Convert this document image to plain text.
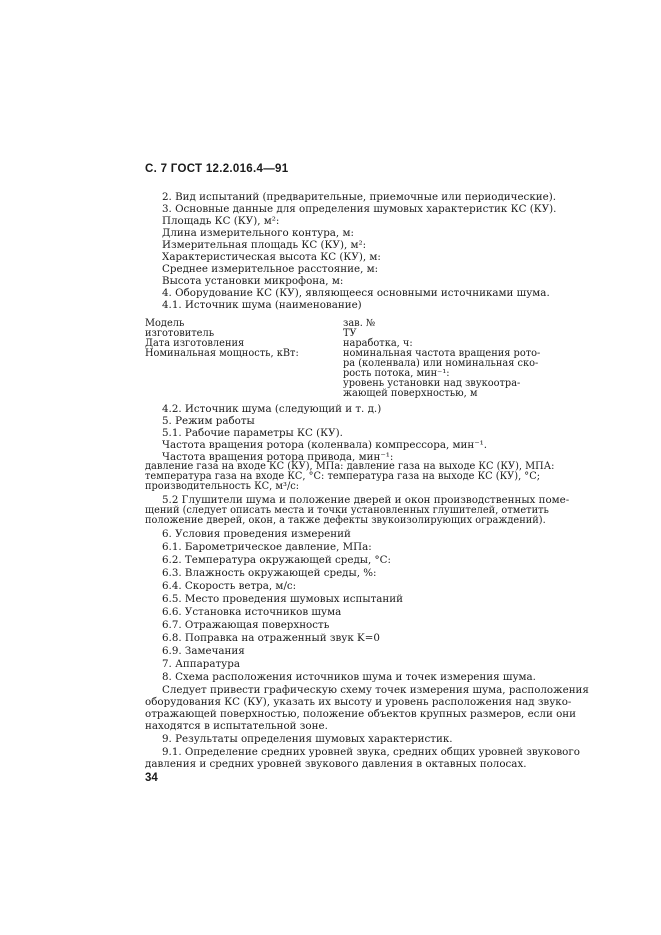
С. 7 ГОСТ 12.2.016.4—91
2. Вид испытаний (предварительные, приемочные или периодические).
3. Основные данные для определения шумовых характеристик КС (КУ).
Площадь КС (КУ), м²:
Длина измерительного контура, м:
Измерительная площадь КС (КУ), м²:
Характеристическая высота КС (КУ), м:
Среднее измерительное расстояние, м:
Высота установки микрофона, м:
4. Оборудование КС (КУ), являющееся основными источниками шума.
4.1. Источник шума (наименование)
Модель
изготовитель
Дата изготовления
Номинальная мощность, кВт:
зав. №
ТУ
наработка, ч:
номинальная частота вращения рото-
ра (коленвала) или номинальная ско-
рость потока, мин⁻¹:
уровень установки над звукоотра-
жающей поверхностью, м
4.2. Источник шума (следующий и т. д.)
5. Режим работы
5.1. Рабочие параметры КС (КУ).
Частота вращения ротора (коленвала) компрессора, мин⁻¹.
Частота вращения ротора привода, мин⁻¹:
давление газа на входе КС (КУ), МПа: давление газа на выходе КС (КУ), МПА:
температура газа на входе КС, °С: температура газа на выходе КС (КУ), °С;
производительность КС, м³/с:
5.2 Глушители шума и положение дверей и окон производственных поме-
щений (следует описать места и точки установленных глушителей, отметить
положение дверей, окон, а также дефекты звукоизолирующих ограждений).
6. Условия проведения измерений
6.1. Барометрическое давление, МПа:
6.2. Температура окружающей среды, °С:
6.3. Влажность окружающей среды, %:
6.4. Скорость ветра, м/с:
6.5. Место проведения шумовых испытаний
6.6. Установка источников шума
6.7. Отражающая поверхность
6.8. Поправка на отраженный звук K=0
6.9. Замечания
7. Аппаратура
8. Схема расположения источников шума и точек измерения шума.
Следует привести графическую схему точек измерения шума, расположения
оборудования КС (КУ), указать их высоту и уровень расположения над звуко-
отражающей поверхностью, положение объектов крупных размеров, если они
находятся в испытательной зоне.
9. Результаты определения шумовых характеристик.
9.1. Определение средних уровней звука, средних общих уровней звукового
давления и средних уровней звукового давления в октавных полосах.
34
